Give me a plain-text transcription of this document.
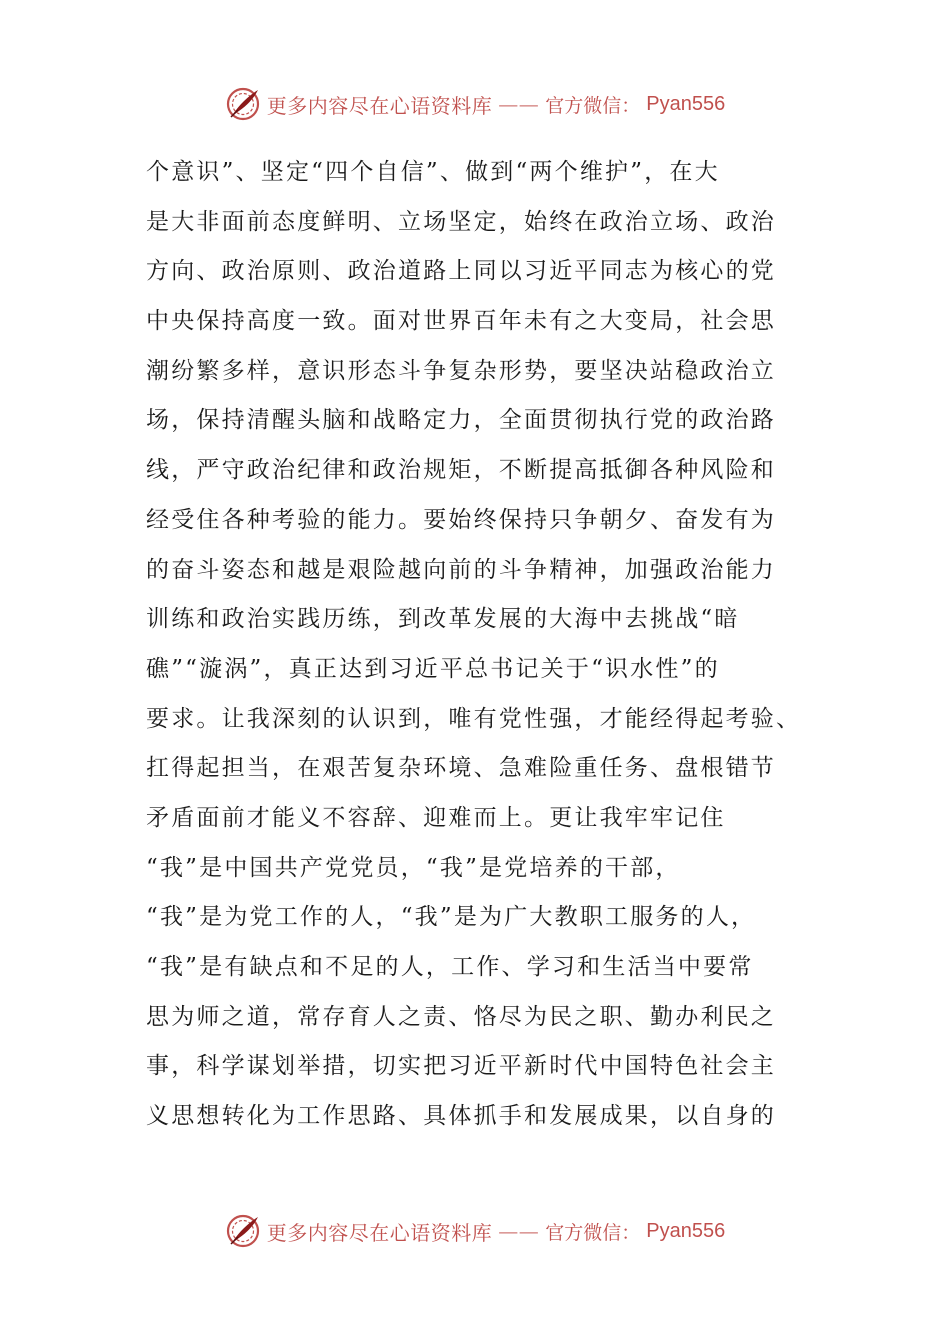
更多内容尽在心语资料库 —— 官方微信： Pyan556
个意识”、坚定“四个自信”、做到“两个维护”，在大
是大非面前态度鲜明、立场坚定，始终在政治立场、政治
方向、政治原则、政治道路上同以习近平同志为核心的党
中央保持高度一致。面对世界百年未有之大变局，社会思
潮纷繁多样，意识形态斗争复杂形势，要坚决站稳政治立
场，保持清醒头脑和战略定力，全面贯彻执行党的政治路
线，严守政治纪律和政治规矩，不断提高抵御各种风险和
经受住各种考验的能力。要始终保持只争朝夕、奋发有为
的奋斗姿态和越是艰险越向前的斗争精神，加强政治能力
训练和政治实践历练，到改革发展的大海中去挑战“暗
礁”“漩涡”，真正达到习近平总书记关于“识水性”的
要求。让我深刻的认识到，唯有党性强，才能经得起考验、
扛得起担当，在艰苦复杂环境、急难险重任务、盘根错节
矛盾面前才能义不容辞、迎难而上。更让我牢牢记住
“我”是中国共产党党员，“我”是党培养的干部，
“我”是为党工作的人，“我”是为广大教职工服务的人，
“我”是有缺点和不足的人，工作、学习和生活当中要常
思为师之道，常存育人之责、恪尽为民之职、勤办利民之
事，科学谋划举措，切实把习近平新时代中国特色社会主
义思想转化为工作思路、具体抓手和发展成果，以自身的
更多内容尽在心语资料库 —— 官方微信： Pyan556
